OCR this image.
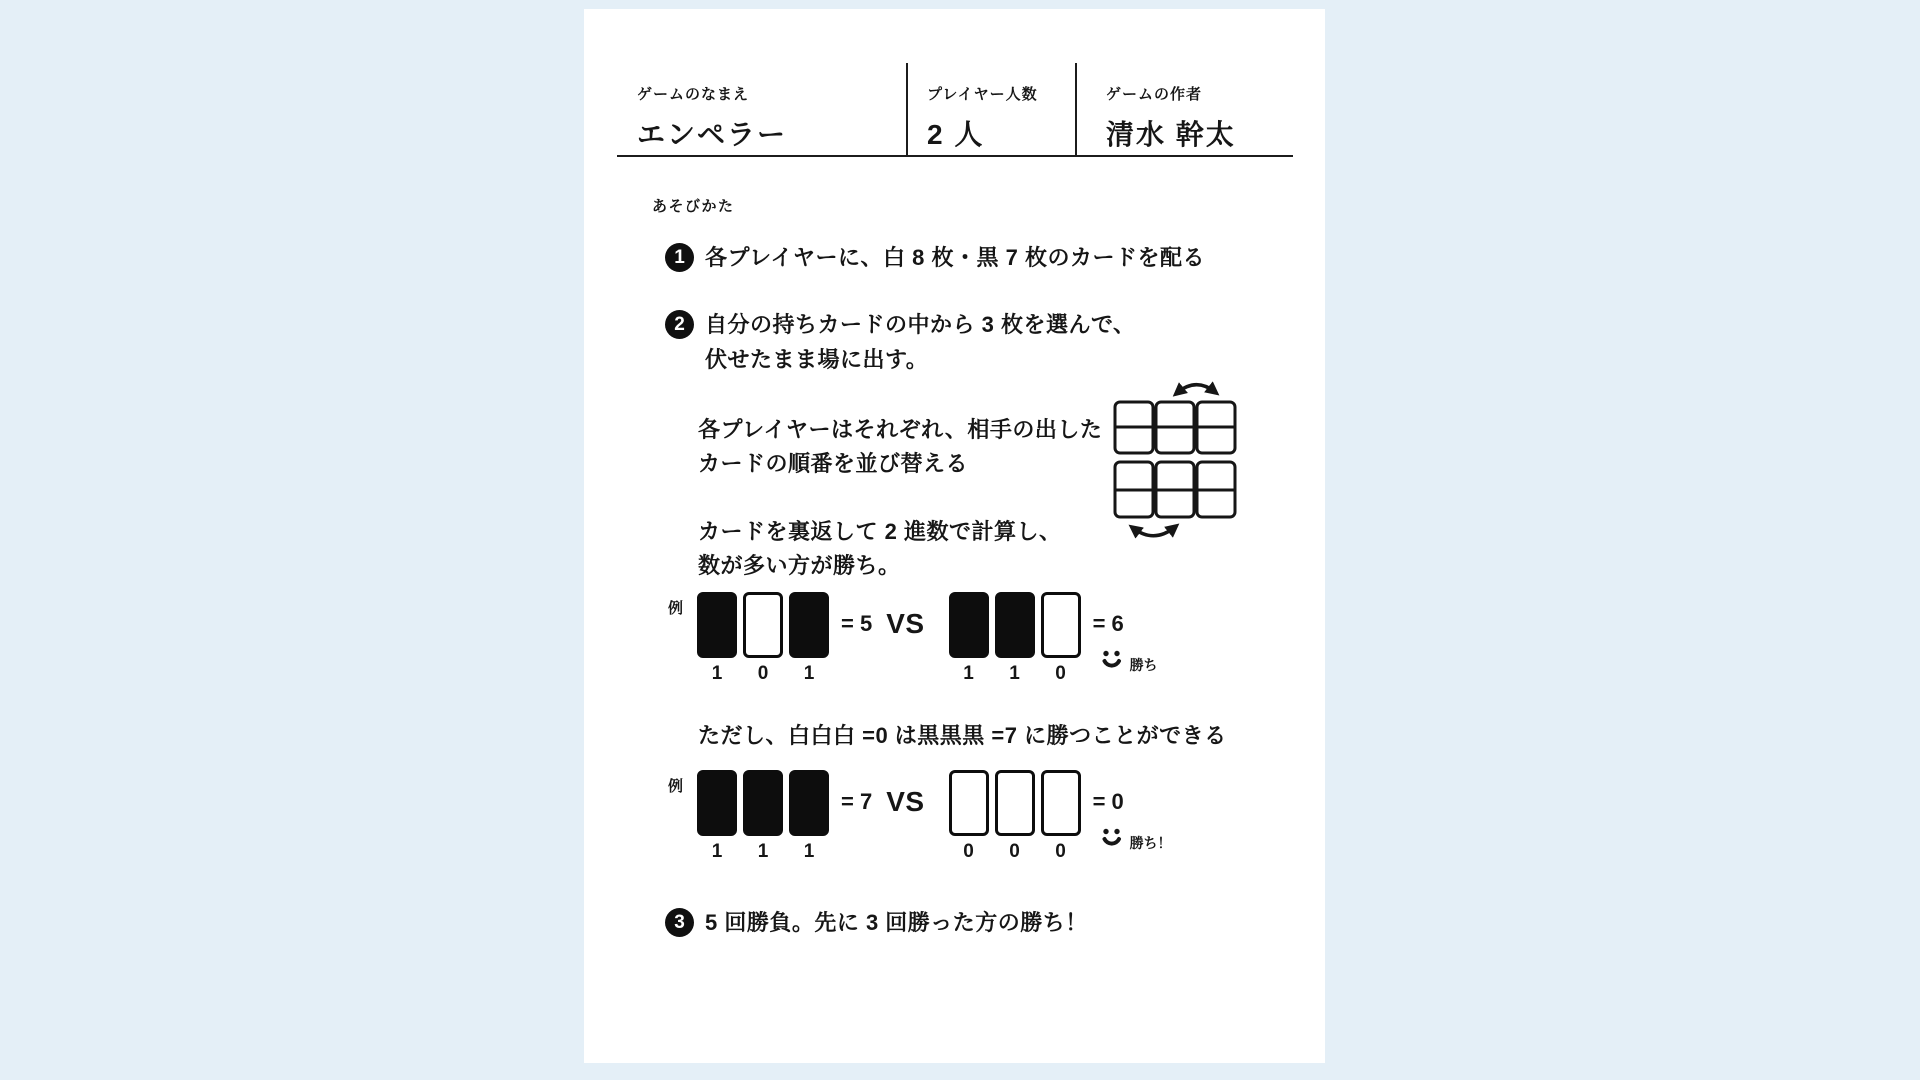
ゲームのなまえ
エンペラー
プレイヤー人数
2 人
ゲームの作者
清水 幹太
あそびかた
1 各プレイヤーに、白 8 枚・黒 7 枚のカードを配る
2 自分の持ちカードの中から 3 枚を選んで、
伏せたまま場に出す。
各プレイヤーはそれぞれ、相手の出した
カードの順番を並び替える
カードを裏返して 2 進数で計算し、
数が多い方が勝ち。
例
1	0	1
= 5 VS
1	1	0
= 6
勝ち
ただし、白白白 =0 は黒黒黒 =7 に勝つことができる
例
1	1	1
= 7 VS
0	0	0
= 0
勝ち！
3 5 回勝負。先に 3 回勝った方の勝ち！
